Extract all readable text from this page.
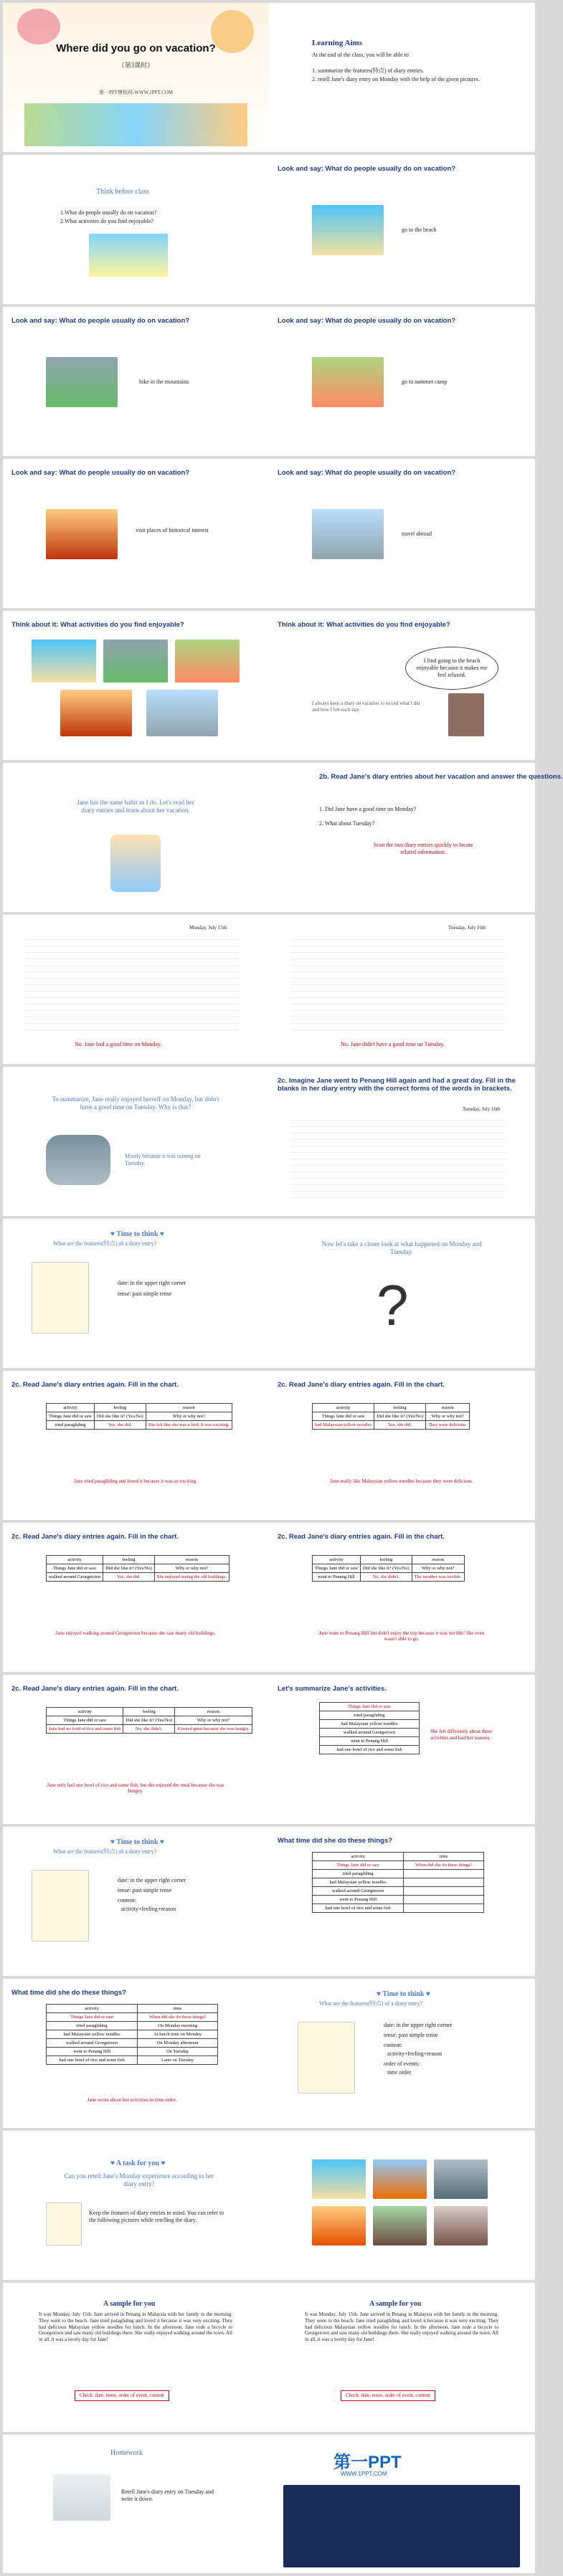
Where did you go on vacation?
（第3课时）
第一PPT模板网-WWW.1PPT.COM
Learning Aims
At the end of the class, you will be able to
1. summarize the features(特点) of diary entries.
2. retell Jane's diary entry on Monday with the help of the given pictures.
Think before class
1.What do people usually do on vacation?
2.What activities do you find enjoyable?
Look and say: What do people usually do on vacation?
go to the beach
Look and say: What do people usually do on vacation?
hike in the mountains
Look and say: What do people usually do on vacation?
go to summer camp
Look and say: What do people usually do on vacation?
visit places of historical interest
Look and say: What do people usually do on vacation?
travel abroad
Think about it: What activities do you find enjoyable?	Think about it: What activities do you find enjoyable?
I find going to the beach enjoyable because it makes me feel relaxed.
I always keep a diary on vacation to record what I did and how I felt each day.
Jane has the same habit as I do. Let's read her diary entries and learn about her vacation.
2b. Read Jane's diary entries about her vacation and answer the questions.
1. Did Jane have a good time on Monday?
2. What about Tuesday?
Scan the two diary entries quickly to locate related information.
Monday, July 15th
No. Jane had a good time on Monday.
Tuesday, July 16th
No. Jane didn't have a good time on Tuesday.
To summarize, Jane really enjoyed herself on Monday, but didn't have a good time on Tuesday. Why is that?
Mostly because it was raining on Tuesday.
2c. Imagine Jane went to Penang Hill again and had a great day. Fill in the blanks in her diary entry with the correct forms of the words in brackets.
Tuesday, July 16th
♥ Time to think ♥
What are the features(特点) of a diary entry?
date: in the upper right corner
tense: past simple tense
Now let's take a closer look at what happened on Monday and Tuesday.
?
2c. Read Jane's diary entries again. Fill in the chart.
activity	feeling	reason
Things Jane did or saw	Did she like it? (Yes/No)	Why or why not?
tried paragliding	Yes, she did.	She felt like she was a bird. It was exciting.
Jane tried paragliding and loved it because it was so exciting.
2c. Read Jane's diary entries again. Fill in the chart.
activity	feeling	reason
Things Jane did or saw	Did she like it? (Yes/No)	Why or why not?
had Malaysian yellow noodles	Yes, she did.	They were delicious.
Jane really like Malaysian yellow noodles because they were delicious.
2c. Read Jane's diary entries again. Fill in the chart.
activity	feeling	reason
Things Jane did or saw	Did she like it? (Yes/No)	Why or why not?
walked around Georgetown	Yes, she did.	She enjoyed seeing the old buildings.
Jane enjoyed walking around Georgetown because she saw many old buildings.
2c. Read Jane's diary entries again. Fill in the chart.
activity	feeling	reason
Things Jane did or saw	Did she like it? (Yes/No)	Why or why not?
went to Penang Hill	No, she didn't.	The weather was terrible.
Jane went to Penang Hill but didn't enjoy the trip because it was terrible! She even wasn't able to go.
2c. Read Jane's diary entries again. Fill in the chart.
activity	feeling	reason
Things Jane did or saw	Did she like it? (Yes/No)	Why or why not?
Jane had no food of rice and some fish	No, she didn't.	It tasted great because she was hungry.
Jane only had one bowl of rice and some fish, but she enjoyed the meal because she was hungry.
Let's summarize Jane's activities.
Things Jane did or saw
tried paragliding
had Malaysian yellow noodles
walked around Georgetown
went to Penang Hill
had one bowl of rice and some fish
She felt differently about these activities and had her reasons.
♥ Time to think ♥
What are the features(特点) of a diary entry?
date: in the upper right corner
tense: past simple tense
content:
activity+feeling+reason
What time did she do these things?
activity	time
Things Jane did or saw	When did she do these things?
tried paragliding	
had Malaysian yellow noodles	
walked around Georgetown	
went to Penang Hill	
had one bowl of rice and some fish	
What time did she do these things?
activity	time
Things Jane did or saw	When did she do these things?
tried paragliding	On Monday morning
had Malaysian yellow noodles	At lunch time on Monday
walked around Georgetown	On Monday afternoon
went to Penang Hill	On Tuesday
had one bowl of rice and some fish	Later on Tuesday
Jane wrote about her activities in time order.
♥ Time to think ♥
What are the features(特点) of a diary entry?
date: in the upper right corner
tense: past simple tense
content:
activity+feeling+reason
order of events:
time order
♥ A task for you ♥
Can you retell Jane's Monday experience according to her diary entry?
Keep the features of diary entries in mind. You can refer to the following pictures while retelling the diary.
A sample for you
It was Monday, July 15th. Jane arrived in Penang in Malaysia with her family in the morning. They went to the beach. Jane tried paragliding and loved it because it was very exciting. They had delicious Malaysian yellow noodles for lunch. In the afternoon, Jane rode a bicycle to Georgetown and saw many old buildings there. She really enjoyed walking around the town. All in all, it was a lovely day for Jane!
Check: date, tense, order of event, content
A sample for you
It was Monday, July 15th. Jane arrived in Penang in Malaysia with her family in the morning. They went to the beach. Jane tried paragliding and loved it because it was very exciting. They had delicious Malaysian yellow noodles for lunch. In the afternoon, Jane rode a bicycle to Georgetown and saw many old buildings there. She really enjoyed walking around the town. All in all, it was a lovely day for Jane!
Check: date, tense, order of event, content
Homework
Retell Jane's diary entry on Tuesday and write it down.
第一PPT
WWW.1PPT.COM
